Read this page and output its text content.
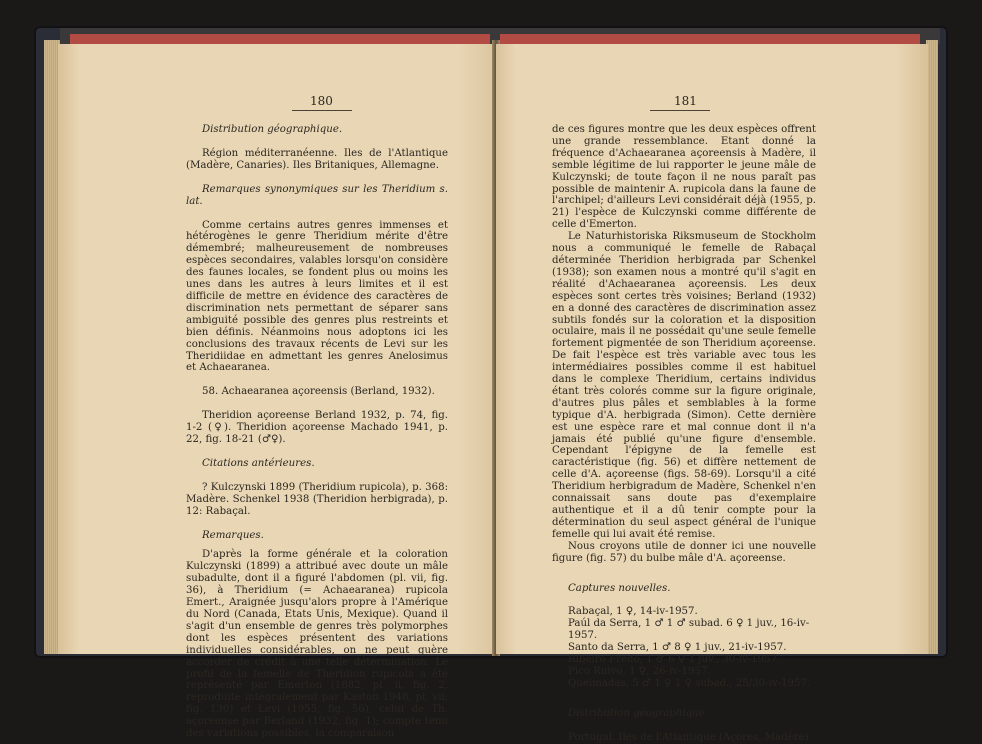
180

Distribution géographique.

Région méditerranéenne. Iles de l'Atlantique (Madère, Canaries). Iles Britaniques, Allemagne.

Remarques synonymiques sur les Theridium s. lat.

Comme certains autres genres immenses et hétérogènes le genre Theridium mérite d'être démembré; malheureusement de nombreuses espèces secondaires, valables lorsqu'on considère des faunes locales, se fondent plus ou moins les unes dans les autres à leurs limites et il est difficile de mettre en évidence des caractères de discrimination nets permettant de séparer sans ambiguité possible des genres plus restreints et bien définis. Néanmoins nous adoptons ici les conclusions des travaux récents de Levi sur les Theridiidae en admettant les genres Anelosimus et Achaearanea.

58. Achaearanea açoreensis (Berland, 1932).

Theridion açoreense Berland 1932, p. 74, fig. 1-2 (♀). Theridion açoreense Machado 1941, p. 22, fig. 18-21 (♂♀).

Citations antérieures.

? Kulczynski 1899 (Theridium rupicola), p. 368: Madère. Schenkel 1938 (Theridion herbigrada), p. 12: Rabaçal.

Remarques.

D'après la forme générale et la coloration Kulczynski (1899) a attribué avec doute un mâle subadulte, dont il a figuré l'abdomen (pl. vii, fig. 36), à Theridium (= Achaearanea) rupicola Emert., Araignée jusqu'alors propre à l'Amérique du Nord (Canada, Etats Unis, Mexique). Quand il s'agit d'un ensemble de genres très polymorphes dont les espèces présentent des variations individuelles considérables, on ne peut guère accorder de crédit à une telle détermination. Le profil de la femelle de Theridion rupicola a été représenté par Emerton (1882, pl. ii, fig. 2, reproduite intégralement par Kaston 1948, pl. vii, fig. 130) et Levi (1955, fig. 56), celui de Th. açoreense par Berland (1932, fig. 1); compte tenu des variations possibles, la comparaison

181

de ces figures montre que les deux espèces offrent une grande ressemblance. Etant donné la fréquence d'Achaearanea açoreensis à Madère, il semble légitime de lui rapporter le jeune mâle de Kulczynski; de toute façon il ne nous paraît pas possible de maintenir A. rupicola dans la faune de l'archipel; d'ailleurs Levi considérait déjà (1955, p. 21) l'espèce de Kulczynski comme différente de celle d'Emerton.

Le Naturhistoriska Riksmuseum de Stockholm nous a communiqué le femelle de Rabaçal déterminée Theridion herbigrada par Schenkel (1938); son examen nous a montré qu'il s'agit en réalité d'Achaearanea açoreensis. Les deux espèces sont certes très voisines; Berland (1932) en a donné des caractères de discrimination assez subtils fondés sur la coloration et la disposition oculaire, mais il ne possédait qu'une seule femelle fortement pigmentée de son Theridium açoreense. De fait l'espèce est très variable avec tous les intermédiaires possibles comme il est habituel dans le complexe Theridium, certains individus étant très colorés comme sur la figure originale, d'autres plus pâles et semblables à la forme typique d'A. herbigrada (Simon). Cette dernière est une espèce rare et mal connue dont il n'a jamais été publié qu'une figure d'ensemble. Cependant l'épigyne de la femelle est caractéristique (fig. 56) et diffère nettement de celle d'A. açoreense (figs. 58-69). Lorsqu'il a cité Theridium herbigradum de Madère, Schenkel n'en connaissait sans doute pas d'exemplaire authentique et il a dû tenir compte pour la détermination du seul aspect général de l'unique femelle qui lui avait été remise.

Nous croyons utile de donner ici une nouvelle figure (fig. 57) du bulbe mâle d'A. açoreense.

Captures nouvelles.

Rabaçal, 1 ♀, 14-iv-1957.

Paúl da Serra, 1 ♂ 1 ♂ subad. 6 ♀ 1 juv., 16-iv-1957.

Santo da Serra, 1 ♂ 8 ♀ 1 juv., 21-iv-1957.

Ribeiro Fredo, 1 ♂ 6 ♀ 1 juv., 30-iv-1957.

Pico Ruivo, 1 ♀, 26-iv-1957.

Queimadas, 5 ♂ 1 ♀ 1 ♀ subad., 25/30-iv-1957.

Distribution géographique.

Portugal. Iles de l'Atlantique (Açores, Madère).
